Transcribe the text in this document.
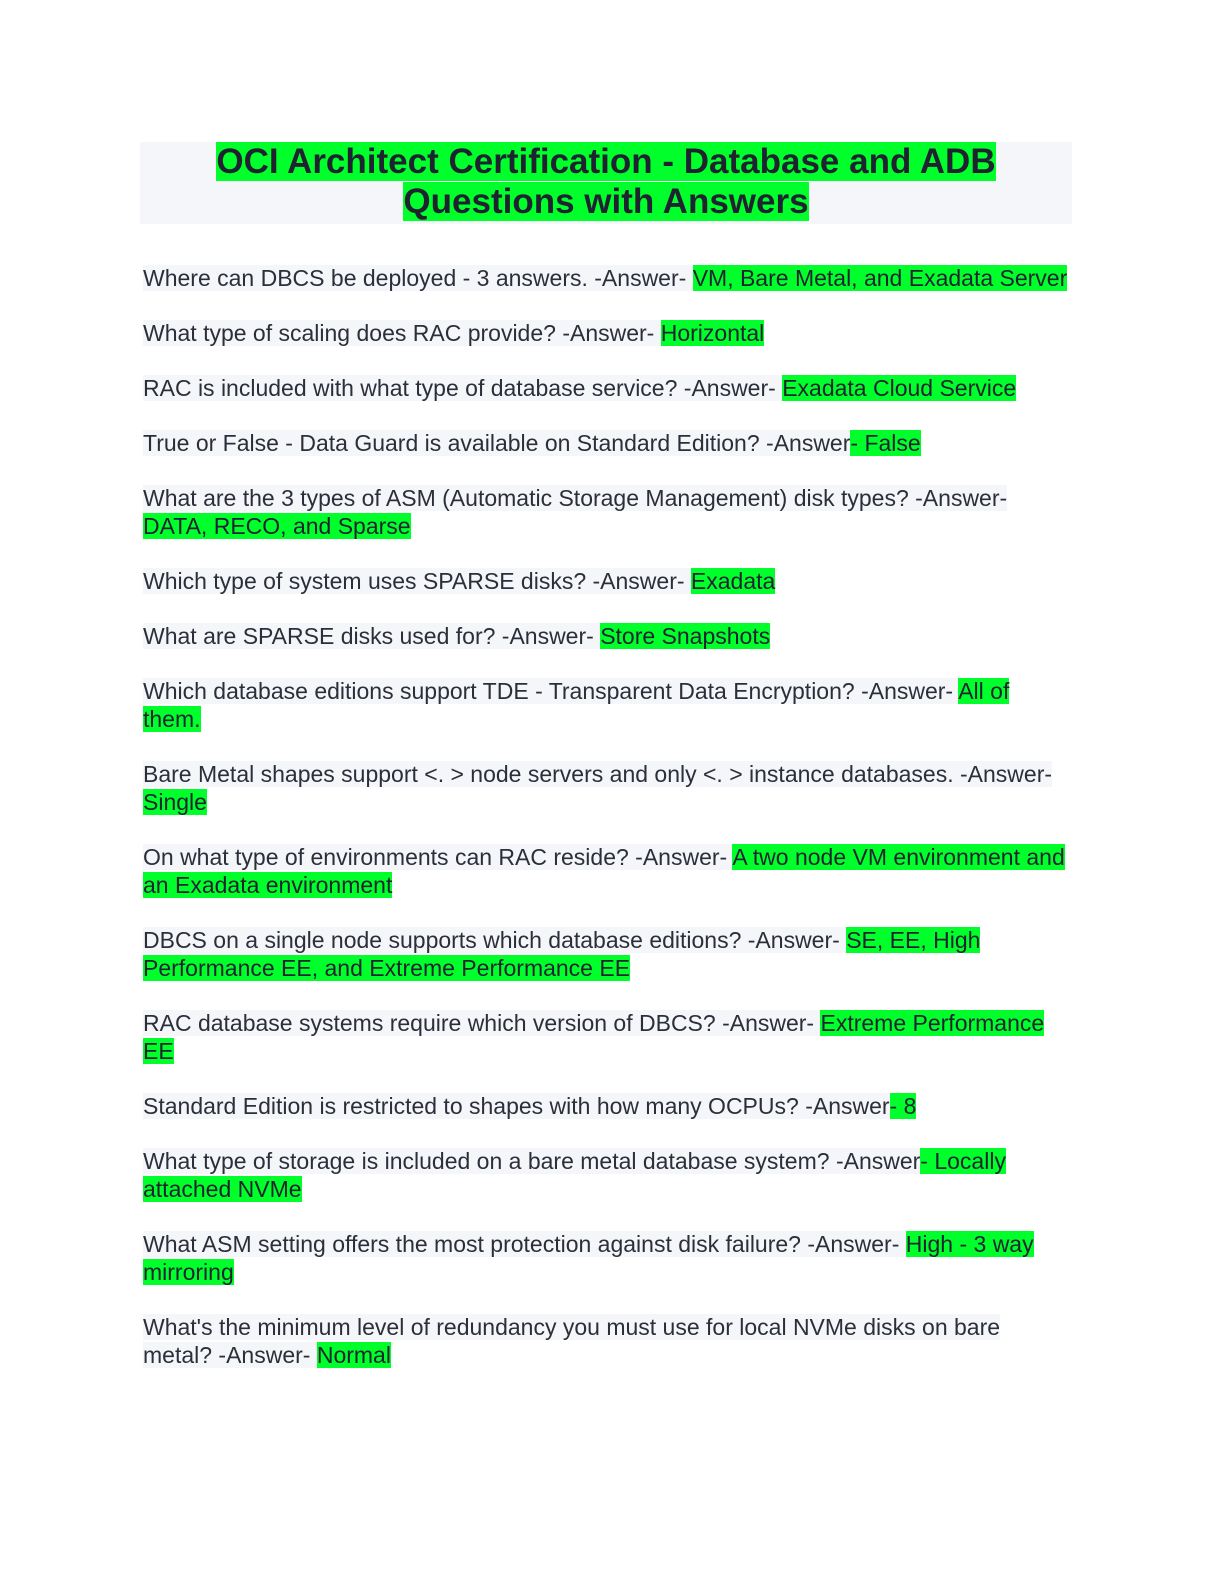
OCI Architect Certification - Database and ADB
Questions with Answers

Where can DBCS be deployed - 3 answers. -Answer- VM, Bare Metal, and Exadata Server

What type of scaling does RAC provide? -Answer- Horizontal

RAC is included with what type of database service? -Answer- Exadata Cloud Service

True or False - Data Guard is available on Standard Edition? -Answer- False

What are the 3 types of ASM (Automatic Storage Management) disk types? -Answer- DATA, RECO, and Sparse

Which type of system uses SPARSE disks? -Answer- Exadata

What are SPARSE disks used for? -Answer- Store Snapshots

Which database editions support TDE - Transparent Data Encryption? -Answer- All of them.

Bare Metal shapes support <. > node servers and only <. > instance databases. -Answer- Single

On what type of environments can RAC reside? -Answer- A two node VM environment and an Exadata environment

DBCS on a single node supports which database editions? -Answer- SE, EE, High Performance EE, and Extreme Performance EE

RAC database systems require which version of DBCS? -Answer- Extreme Performance EE

Standard Edition is restricted to shapes with how many OCPUs? -Answer- 8

What type of storage is included on a bare metal database system? -Answer- Locally attached NVMe

What ASM setting offers the most protection against disk failure? -Answer- High - 3 way mirroring

What's the minimum level of redundancy you must use for local NVMe disks on bare metal? -Answer- Normal
